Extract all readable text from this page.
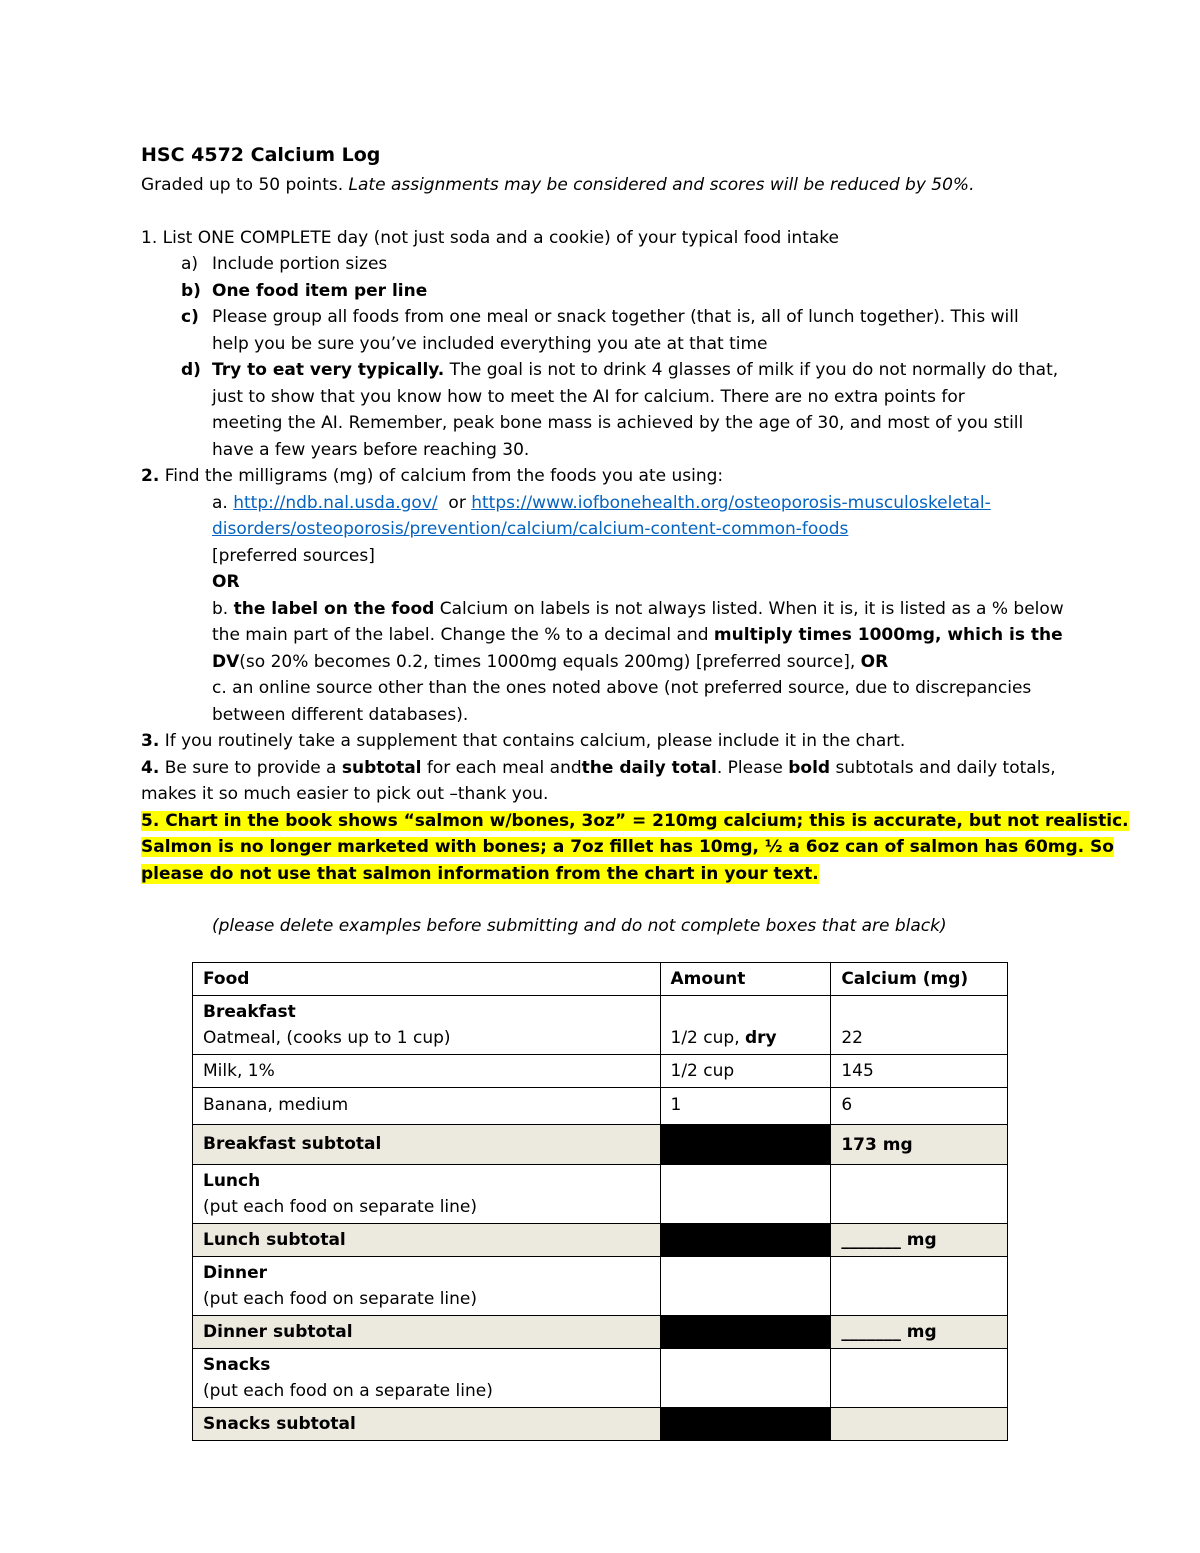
HSC 4572 Calcium Log
Graded up to 50 points. Late assignments may be considered and scores will be reduced by 50%.
1. List ONE COMPLETE day (not just soda and a cookie) of your typical food intake
a) Include portion sizes
b) One food item per line
c) Please group all foods from one meal or snack together (that is, all of lunch together). This will
help you be sure you’ve included everything you ate at that time
d) Try to eat very typically. The goal is not to drink 4 glasses of milk if you do not normally do that,
just to show that you know how to meet the AI for calcium. There are no extra points for
meeting the AI. Remember, peak bone mass is achieved by the age of 30, and most of you still
have a few years before reaching 30.
2. Find the milligrams (mg) of calcium from the foods you ate using:
a. http://ndb.nal.usda.gov/  or https://www.iofbonehealth.org/osteoporosis-musculoskeletal-
disorders/osteoporosis/prevention/calcium/calcium-content-common-foods
[preferred sources]
OR
b. the label on the food Calcium on labels is not always listed. When it is, it is listed as a % below
the main part of the label. Change the % to a decimal and multiply times 1000mg, which is the
DV(so 20% becomes 0.2, times 1000mg equals 200mg) [preferred source], OR
c. an online source other than the ones noted above (not preferred source, due to discrepancies
between different databases).
3. If you routinely take a supplement that contains calcium, please include it in the chart.
4. Be sure to provide a subtotal for each meal andthe daily total. Please bold subtotals and daily totals,
makes it so much easier to pick out –thank you.
5. Chart in the book shows “salmon w/bones, 3oz” = 210mg calcium; this is accurate, but not realistic.
Salmon is no longer marketed with bones; a 7oz fillet has 10mg, ½ a 6oz can of salmon has 60mg. So
please do not use that salmon information from the chart in your text.
(please delete examples before submitting and do not complete boxes that are black)
Food	Amount	Calcium (mg)

Breakfast
Oatmeal, (cooks up to 1 cup)	1/2 cup, dry	22
Milk, 1%	1/2 cup	145
Banana, medium	1	6
Breakfast subtotal		173 mg

Lunch
(put each food on separate line)		

Lunch subtotal		_______ mg

Dinner
(put each food on separate line)		

Dinner subtotal		_______ mg

Snacks
(put each food on a separate line)		

Snacks subtotal		
